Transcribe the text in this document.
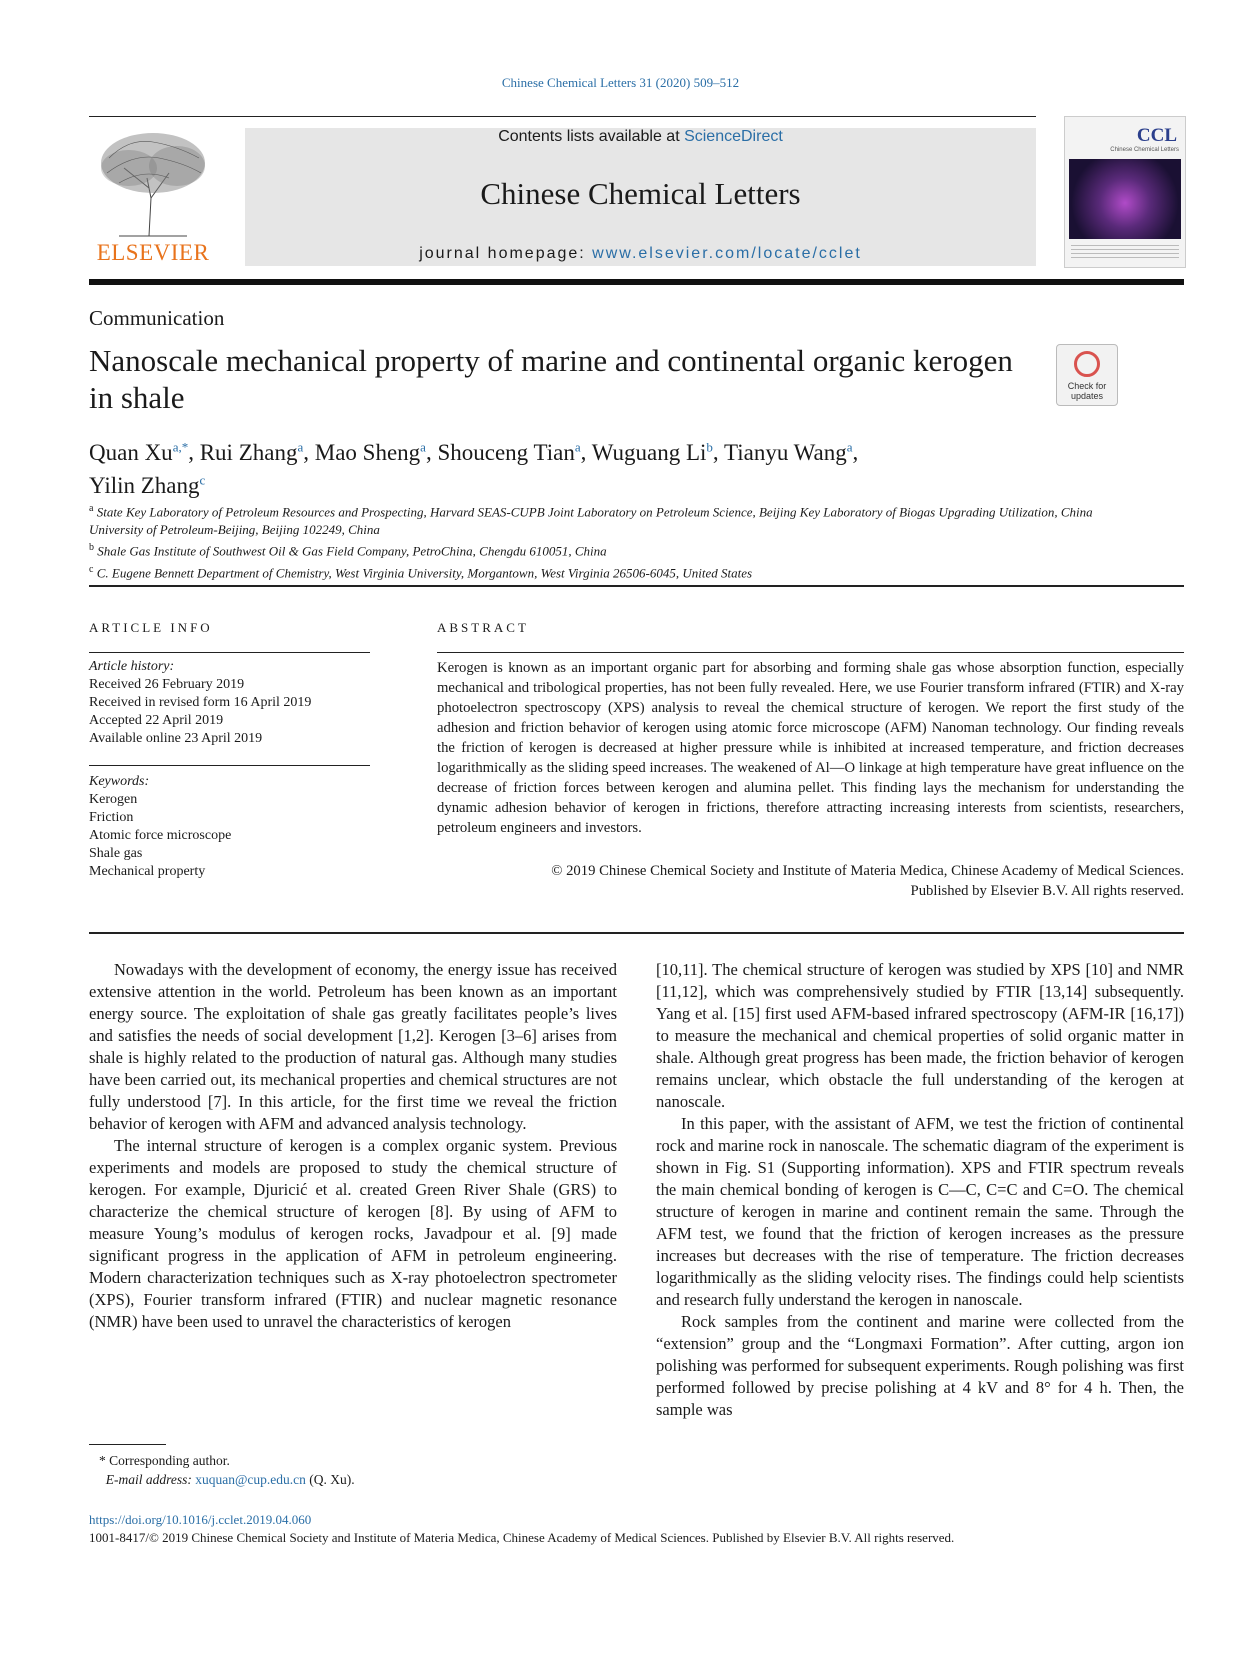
Chinese Chemical Letters 31 (2020) 509–512
ELSEVIER
Contents lists available at ScienceDirect
Chinese Chemical Letters
journal homepage: www.elsevier.com/locate/cclet
CCL
Chinese Chemical Letters
Communication
Nanoscale mechanical property of marine and continental organic kerogen in shale	Check for updates
Quan $Xu^{a,*}$, Rui Zhang$^a$, Mao Sheng$^a$, Shouceng Tian$^a$, Wuguang Li$^b$, Tianyu Wang$^a$,
Yilin Zhang$^c$
$^a$ State Key Laboratory of Petroleum Resources and Prospecting, Harvard SEAS-CUPB Joint Laboratory on Petroleum Science, Beijing Key Laboratory of Biogas Upgrading Utilization, China University of Petroleum-Beijing, Beijing 102249, China
$^b$ Shale Gas Institute of Southwest Oil & Gas Field Company, PetroChina, Chengdu 610051, China
$^c$ C. Eugene Bennett Department of Chemistry, West Virginia University, Morgantown, West Virginia 26506-6045, United States
ARTICLE INFO	ABSTRACT
Article history:
Received 26 February 2019
Received in revised form 16 April 2019
Accepted 22 April 2019
Available online 23 April 2019
Keywords:
Kerogen
Friction
Atomic force microscope
Shale gas
Mechanical property
Kerogen is known as an important organic part for absorbing and forming shale gas whose absorption function, especially mechanical and tribological properties, has not been fully revealed. Here, we use Fourier transform infrared (FTIR) and X-ray photoelectron spectroscopy (XPS) analysis to reveal the chemical structure of kerogen. We report the first study of the adhesion and friction behavior of kerogen using atomic force microscope (AFM) Nanoman technology. Our finding reveals the friction of kerogen is decreased at higher pressure while is inhibited at increased temperature, and friction decreases logarithmically as the sliding speed increases. The weakened of Al—O linkage at high temperature have great influence on the decrease of friction forces between kerogen and alumina pellet. This finding lays the mechanism for understanding the dynamic adhesion behavior of kerogen in frictions, therefore attracting increasing interests from scientists, researchers, petroleum engineers and investors.
© 2019 Chinese Chemical Society and Institute of Materia Medica, Chinese Academy of Medical Sciences.
Published by Elsevier B.V. All rights reserved.

Nowadays with the development of economy, the energy issue has received extensive attention in the world. Petroleum has been known as an important energy source. The exploitation of shale gas greatly facilitates people’s lives and satisfies the needs of social development [1,2]. Kerogen [3–6] arises from shale is highly related to the production of natural gas. Although many studies have been carried out, its mechanical properties and chemical structures are not fully understood [7]. In this article, for the first time we reveal the friction behavior of kerogen with AFM and advanced analysis technology.

The internal structure of kerogen is a complex organic system. Previous experiments and models are proposed to study the chemical structure of kerogen. For example, Djuricić et al. created Green River Shale (GRS) to characterize the chemical structure of kerogen [8]. By using of AFM to measure Young’s modulus of kerogen rocks, Javadpour et al. [9] made significant progress in the application of AFM in petroleum engineering. Modern characterization techniques such as X-ray photoelectron spectrometer (XPS), Fourier transform infrared (FTIR) and nuclear magnetic resonance (NMR) have been used to unravel the characteristics of kerogen

[10,11]. The chemical structure of kerogen was studied by XPS [10] and NMR [11,12], which was comprehensively studied by FTIR [13,14] subsequently. Yang et al. [15] first used AFM-based infrared spectroscopy (AFM-IR [16,17]) to measure the mechanical and chemical properties of solid organic matter in shale. Although great progress has been made, the friction behavior of kerogen remains unclear, which obstacle the full understanding of the kerogen at nanoscale.

In this paper, with the assistant of AFM, we test the friction of continental rock and marine rock in nanoscale. The schematic diagram of the experiment is shown in Fig. S1 (Supporting information). XPS and FTIR spectrum reveals the main chemical bonding of kerogen is C—C, C=C and C=O. The chemical structure of kerogen in marine and continent remain the same. Through the AFM test, we found that the friction of kerogen increases as the pressure increases but decreases with the rise of temperature. The friction decreases logarithmically as the sliding velocity rises. The findings could help scientists and research fully understand the kerogen in nanoscale.

Rock samples from the continent and marine were collected from the “extension” group and the “Longmaxi Formation”. After cutting, argon ion polishing was performed for subsequent experiments. Rough polishing was first performed followed by precise polishing at 4 kV and 8° for 4 h. Then, the sample was

* Corresponding author.
E-mail address: xuquan@cup.edu.cn (Q. Xu).
https://doi.org/10.1016/j.cclet.2019.04.060
1001-8417/© 2019 Chinese Chemical Society and Institute of Materia Medica, Chinese Academy of Medical Sciences. Published by Elsevier B.V. All rights reserved.
